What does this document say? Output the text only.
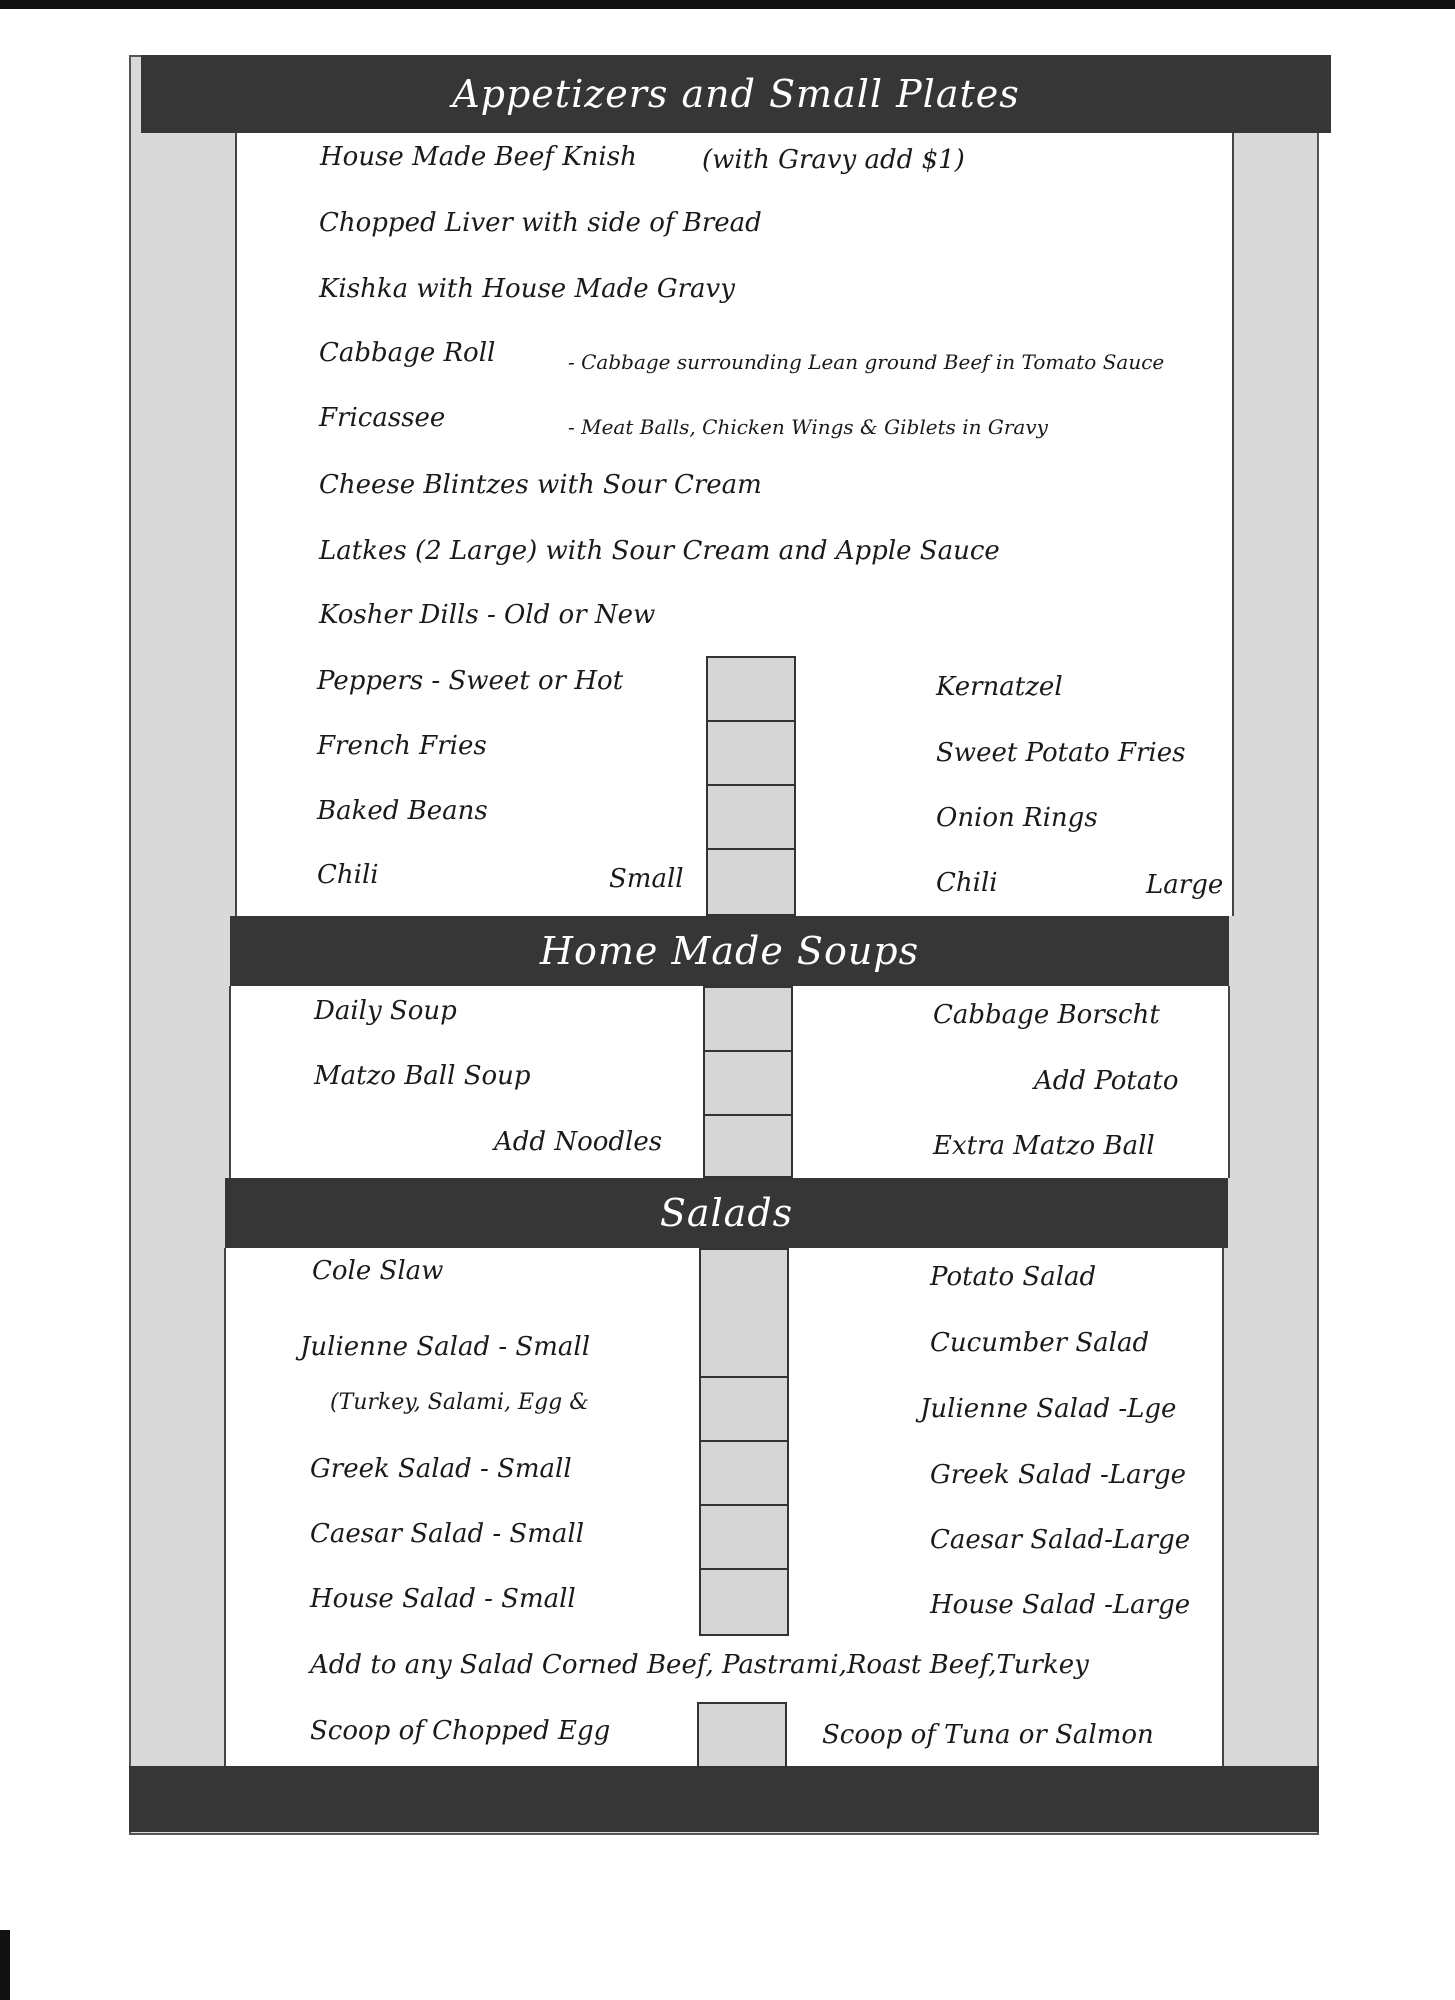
Appetizers and Small Plates
Home Made Soups
Salads
House Made Beef Knish	(with Gravy add $1)
Chopped Liver with side of Bread
Kishka with House Made Gravy
Cabbage Roll	- Cabbage surrounding Lean ground Beef in Tomato Sauce
Fricassee	- Meat Balls, Chicken Wings & Giblets in Gravy
Cheese Blintzes with Sour Cream
Latkes (2 Large) with Sour Cream and Apple Sauce
Kosher Dills - Old or New
Peppers - Sweet or Hot
French Fries
Baked Beans
Chili	Small
Kernatzel
Sweet Potato Fries
Onion Rings
Chili	Large
Daily Soup
Matzo Ball Soup
Add Noodles
Cabbage Borscht
Add Potato
Extra Matzo Ball
Cole Slaw
Julienne Salad - Small
(Turkey, Salami, Egg &
Greek Salad - Small
Caesar Salad - Small
House Salad - Small
Potato Salad
Cucumber Salad
Julienne Salad -Lge
Greek Salad -Large
Caesar Salad-Large
House Salad -Large
Add to any Salad Corned Beef, Pastrami,Roast Beef,Turkey
Scoop of Chopped Egg	Scoop of Tuna or Salmon
